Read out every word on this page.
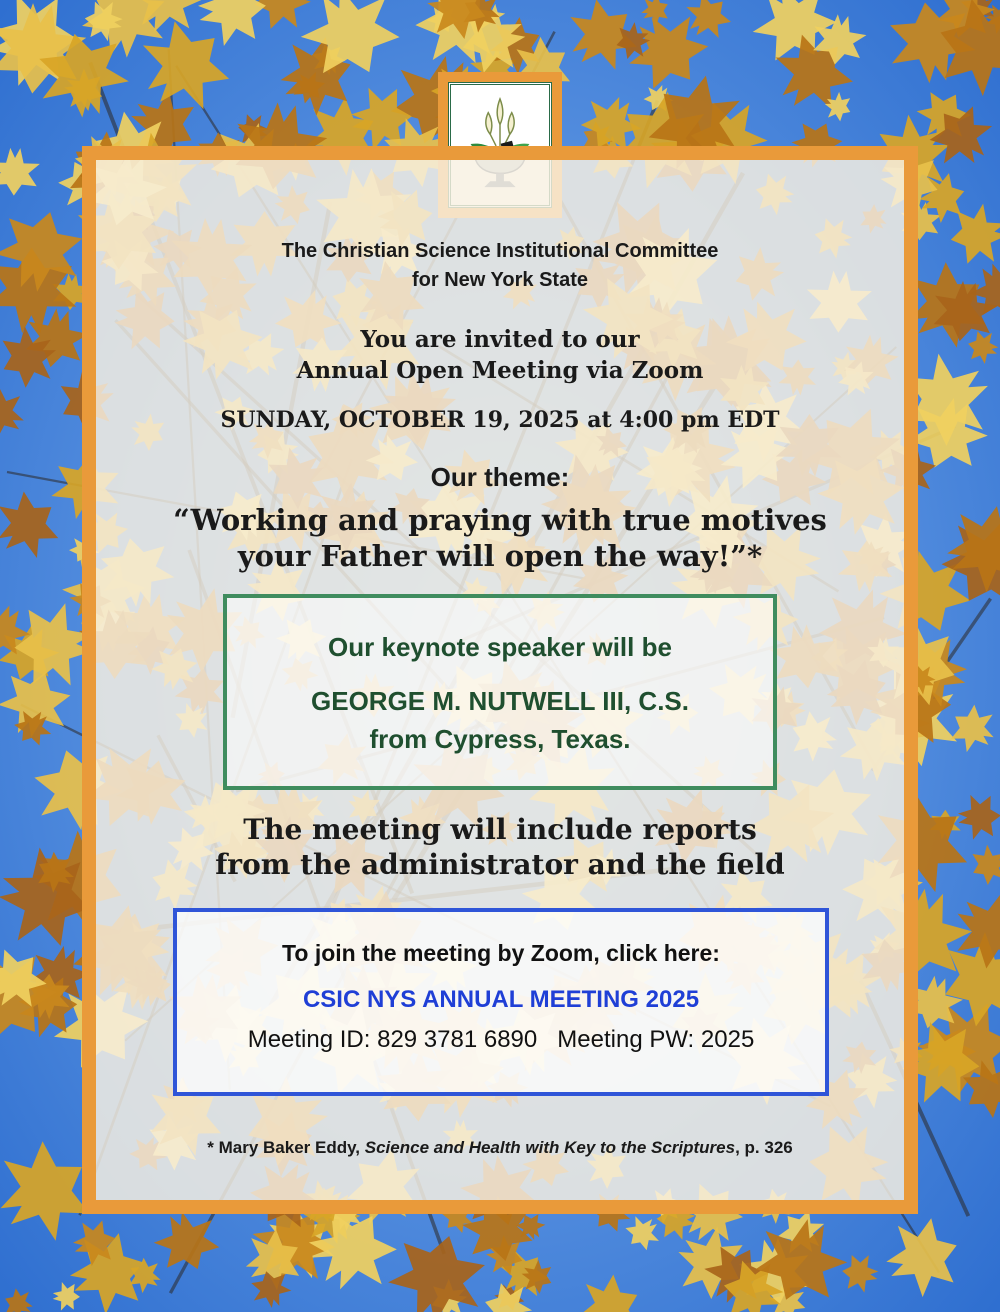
The Christian Science Institutional Committee
for New York State
You are invited to our
Annual Open Meeting via Zoom
SUNDAY, OCTOBER 19, 2025 at 4:00 pm EDT
Our theme:
“Working and praying with true motives
your Father will open the way!”*
Our keynote speaker will be
GEORGE M. NUTWELL III, C.S.
from Cypress, Texas.
The meeting will include reports
from the administrator and the field
To join the meeting by Zoom, click here:
CSIC NYS ANNUAL MEETING 2025
Meeting ID: 829 3781 6890 Meeting PW: 2025
* Mary Baker Eddy, Science and Health with Key to the Scriptures, p. 326
